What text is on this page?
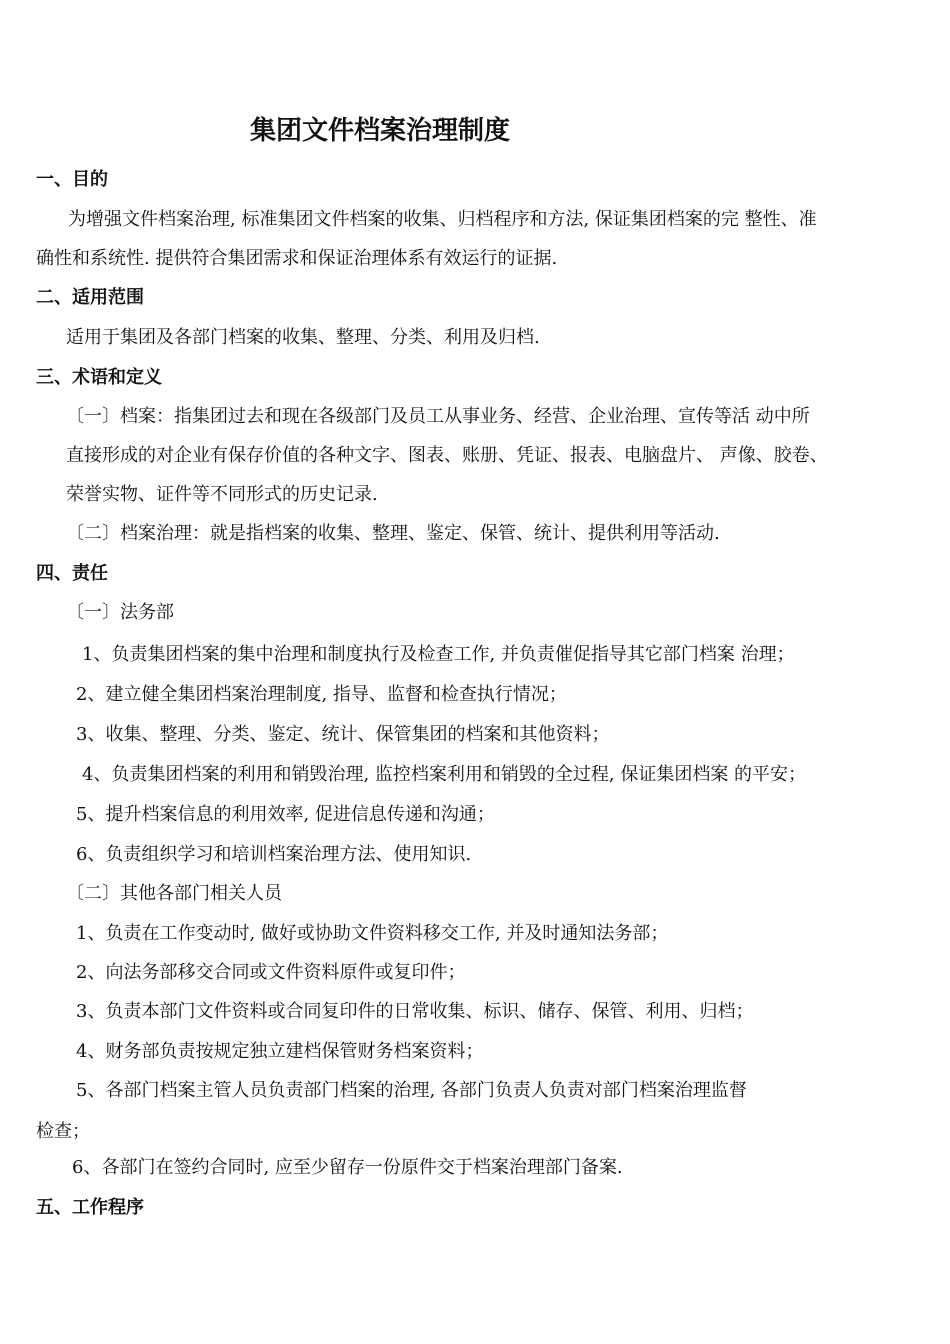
集团文件档案治理制度
一、目的
为增强文件档案治理, 标准集团文件档案的收集、归档程序和方法, 保证集团档案的完 整性、准
确性和系统性. 提供符合集团需求和保证治理体系有效运行的证据.
二、适用范围
适用于集团及各部门档案的收集、整理、分类、利用及归档.
三、术语和定义
〔一〕档案：指集团过去和现在各级部门及员工从事业务、经营、企业治理、宣传等活 动中所
直接形成的对企业有保存价值的各种文字、图表、账册、凭证、报表、电脑盘片、 声像、胶卷、
荣誉实物、证件等不同形式的历史记录.
〔二〕档案治理：就是指档案的收集、整理、鉴定、保管、统计、提供利用等活动.
四、责任
〔一〕法务部
1、负责集团档案的集中治理和制度执行及检查工作, 并负责催促指导其它部门档案 治理；
2、建立健全集团档案治理制度, 指导、监督和检查执行情况；
3、收集、整理、分类、鉴定、统计、保管集团的档案和其他资料；
4、负责集团档案的利用和销毁治理, 监控档案利用和销毁的全过程, 保证集团档案 的平安；
5、提升档案信息的利用效率, 促进信息传递和沟通；
6、负责组织学习和培训档案治理方法、使用知识.
〔二〕其他各部门相关人员
1、负责在工作变动时, 做好或协助文件资料移交工作, 并及时通知法务部；
2、向法务部移交合同或文件资料原件或复印件；
3、负责本部门文件资料或合同复印件的日常收集、标识、储存、保管、利用、归档；
4、财务部负责按规定独立建档保管财务档案资料；
5、各部门档案主管人员负责部门档案的治理, 各部门负责人负责对部门档案治理监督
检查；
6、各部门在签约合同时, 应至少留存一份原件交于档案治理部门备案.
五、工作程序
